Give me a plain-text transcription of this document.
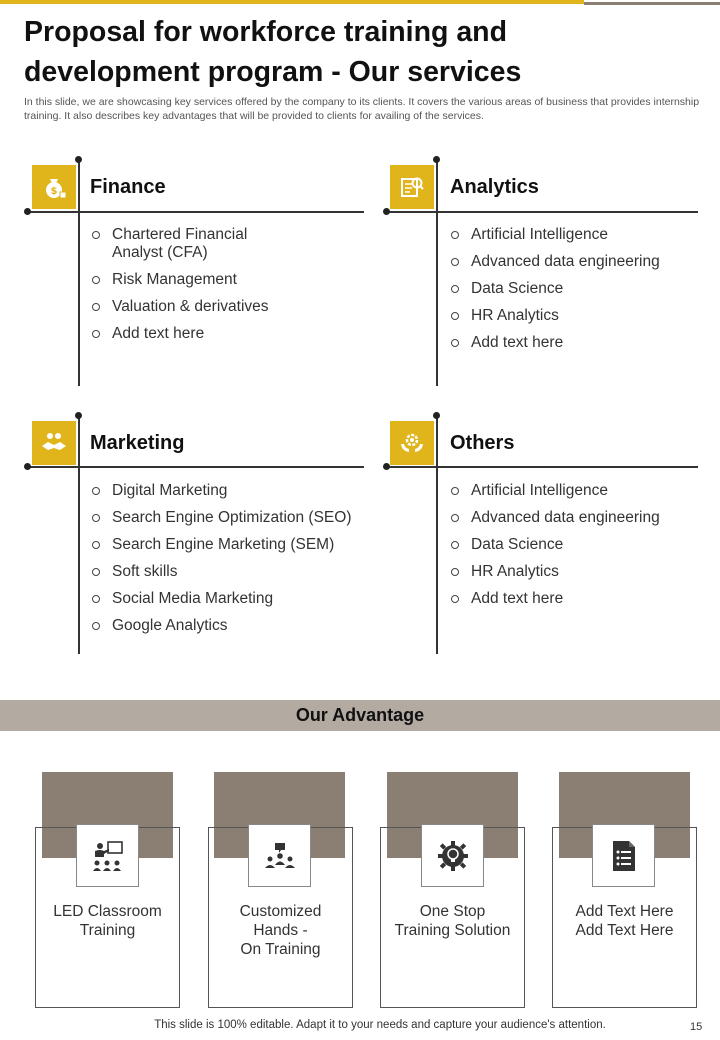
Proposal for workforce training and
development program - Our services
In this slide, we are showcasing key services offered by the company to its clients. It covers the various areas of business that provides internship training. It also describes key advantages that will be provided to clients for availing of the services.
$ Finance
Chartered Financial Analyst (CFA)
Risk Management
Valuation & derivatives
Add text here
Analytics
Artificial Intelligence
Advanced data engineering
Data Science
HR Analytics
Add text here
Marketing
Digital Marketing
Search Engine Optimization (SEO)
Search Engine Marketing (SEM)
Soft skills
Social Media Marketing
Google Analytics
Others
Artificial Intelligence
Advanced data engineering
Data Science
HR Analytics
Add text here
Our Advantage
LED Classroom
Training
Customized
Hands -
On Training
One Stop
Training Solution
Add Text Here
Add Text Here
This slide is 100% editable. Adapt it to your needs and capture your audience's attention.	15
